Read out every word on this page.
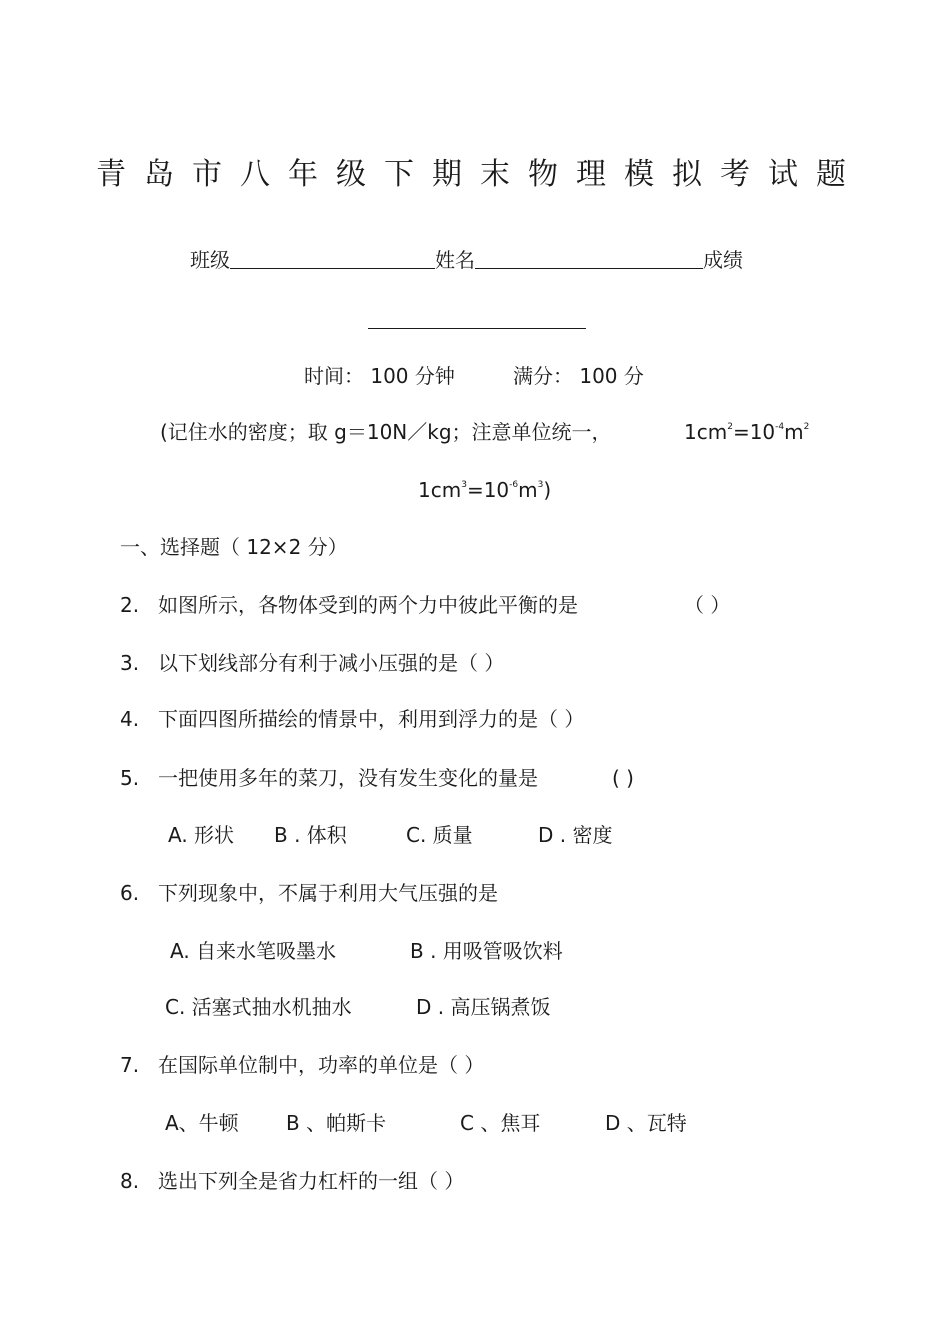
青岛市八年级下期末物理模拟考试题
班级	姓名	成绩
时间： 100 分钟	满分： 100 分
(记住水的密度；取 g＝10N／kg；注意单位统一，	$1cm^2=10^{-4}m^2$
$1cm^3=10^{-6}m^3$)
一、选择题（ 12×2 分）
2. 如图所示，各物体受到的两个力中彼此平衡的是	（ ）
3. 以下划线部分有利于减小压强的是（ ）
4. 下面四图所描绘的情景中，利用到浮力的是（ ）
5. 一把使用多年的菜刀，没有发生变化的量是	( )
A. 形状 B . 体积	C. 质量	D . 密度
6. 下列现象中，不属于利用大气压强的是
A. 自来水笔吸墨水	B . 用吸管吸饮料
C. 活塞式抽水机抽水	D . 高压锅煮饭
7. 在国际单位制中，功率的单位是（ ）
A、牛顿 B 、帕斯卡	C 、焦耳	D 、瓦特
8. 选出下列全是省力杠杆的一组（ ）
